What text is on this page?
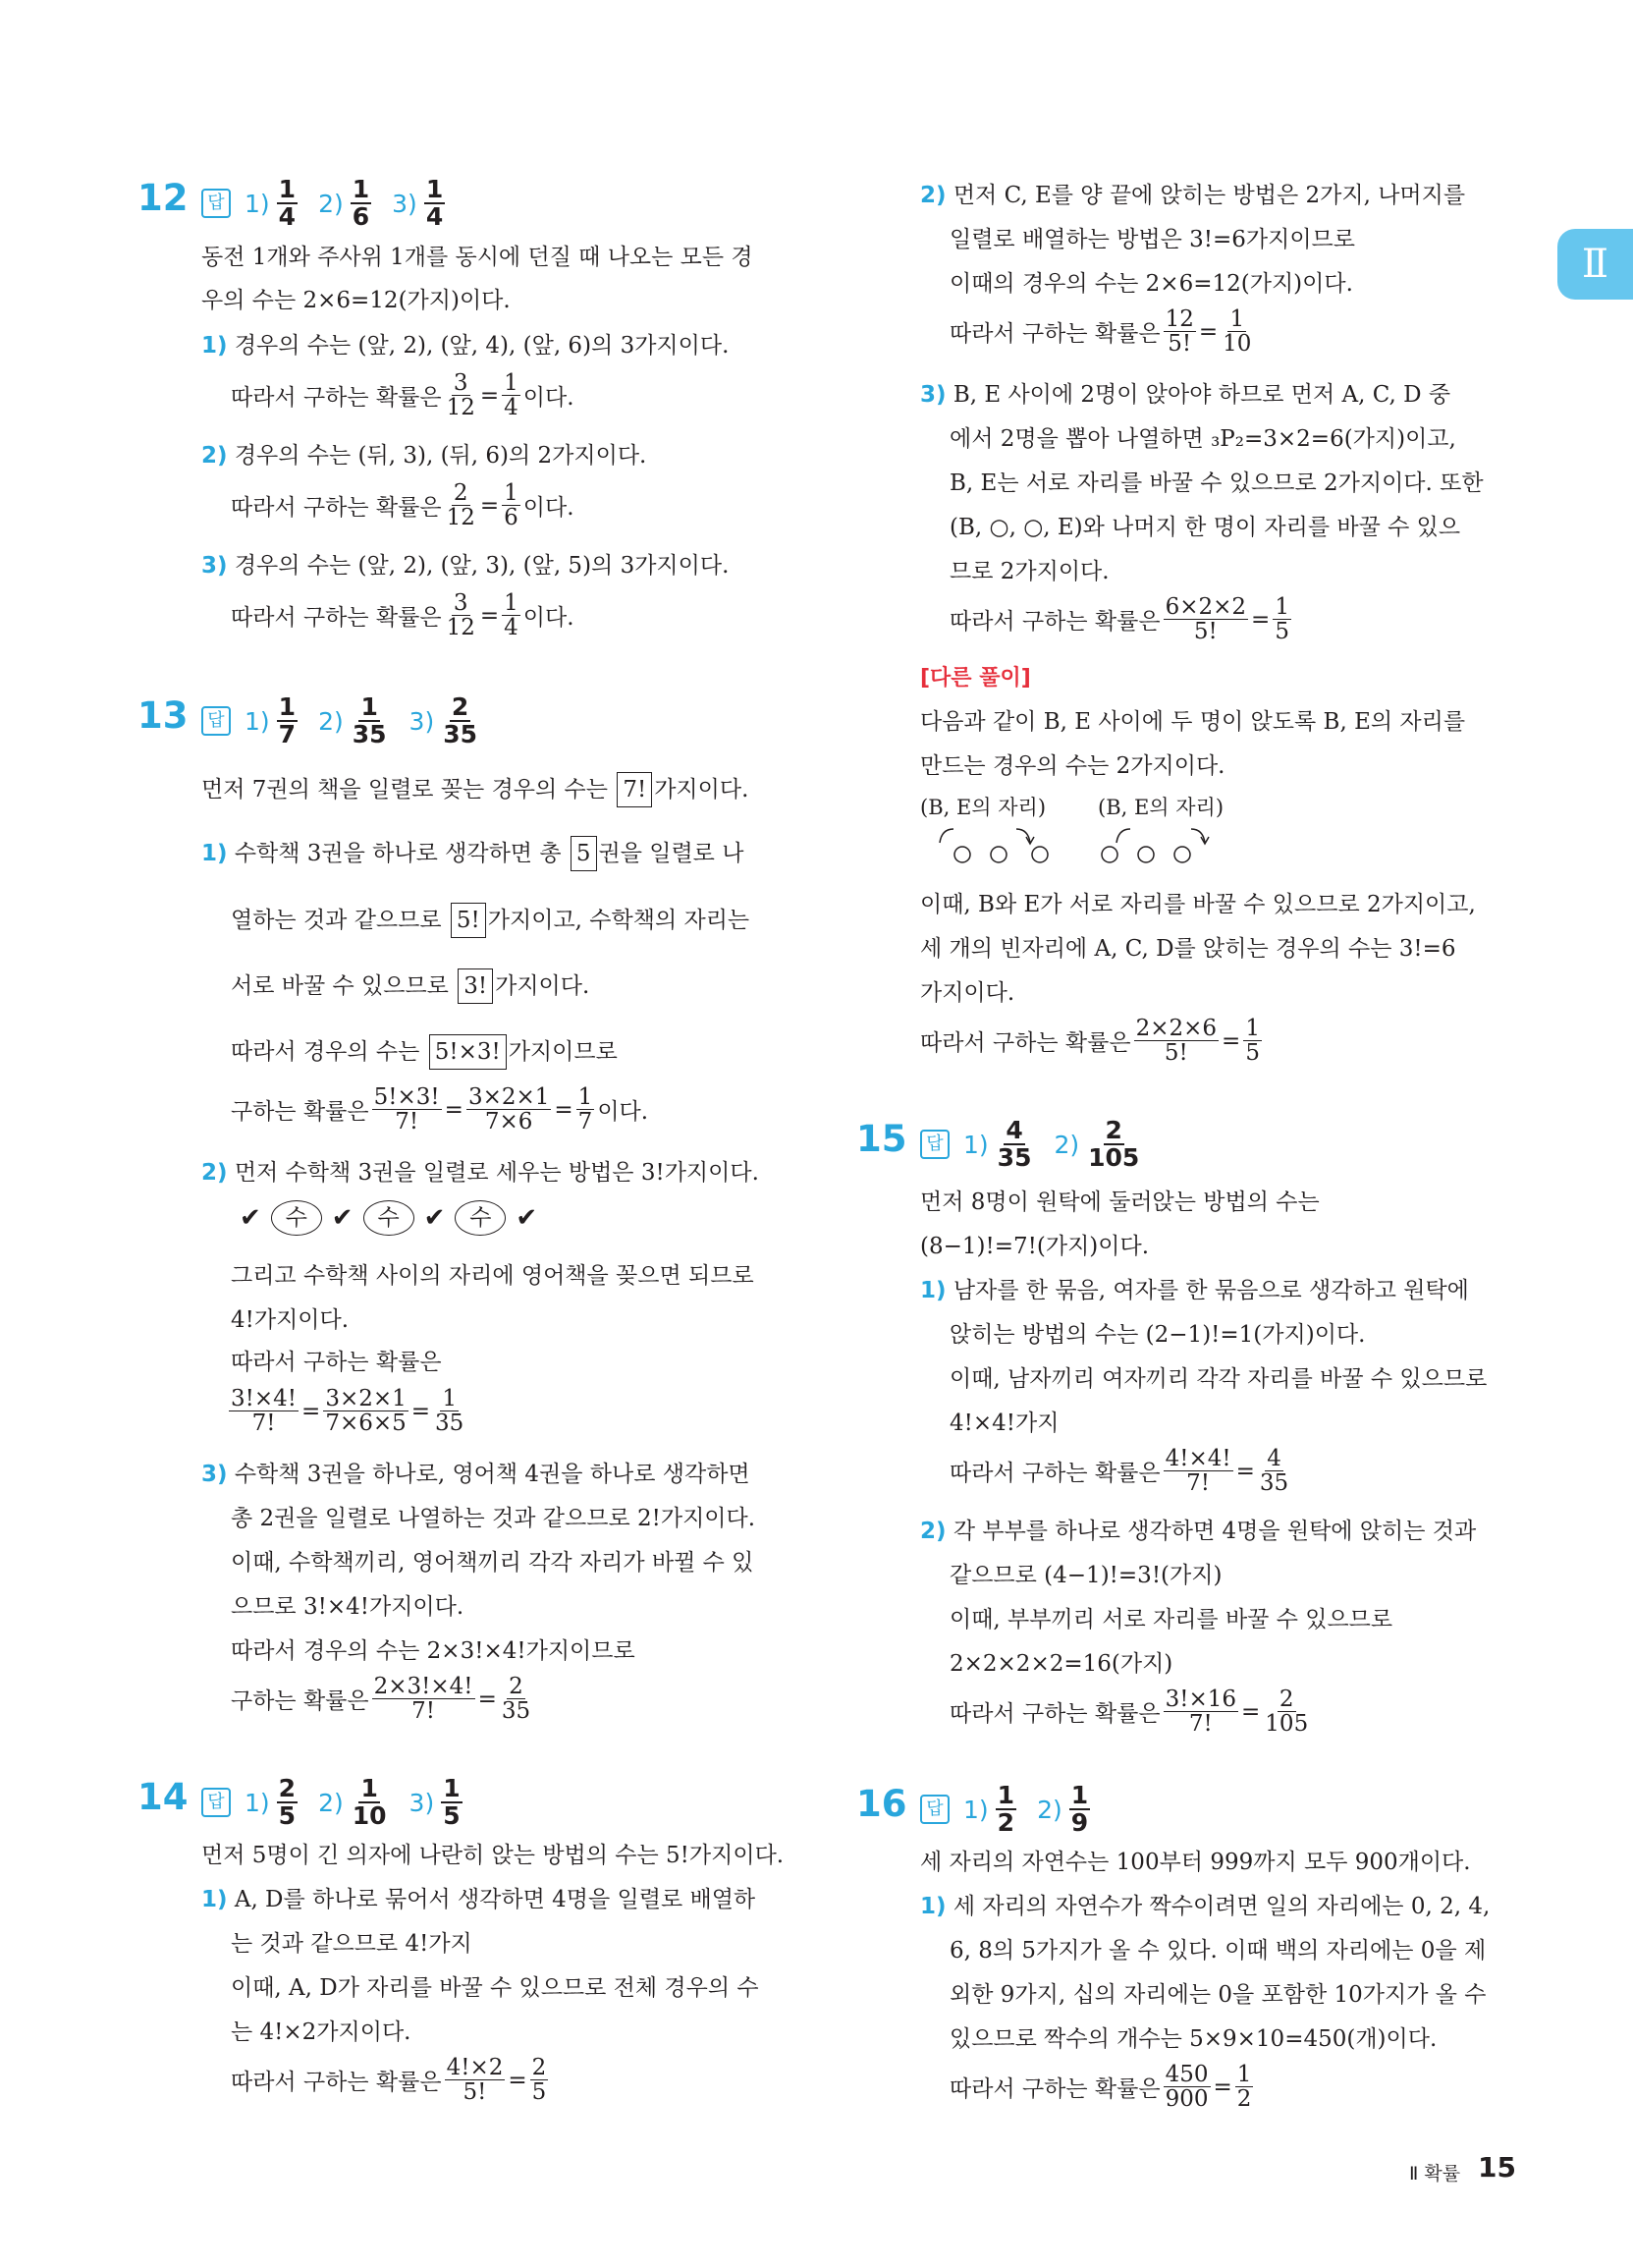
Ⅱ
12	답 $1) \frac{1}{4} 2) \frac{1}{6} 3) \frac{1}{4}$
동전 1개와 주사위 1개를 동시에 던질 때 나오는 모든 경
우의 수는 2×6=12(가지)이다.
1) 경우의 수는 (앞, 2), (앞, 4), (앞, 6)의 3가지이다.
따라서 구하는 확률은 $\frac{3}{12} = \frac{1}{4}$ 이다.
2) 경우의 수는 (뒤, 3), (뒤, 6)의 2가지이다.
따라서 구하는 확률은 $\frac{2}{12} = \frac{1}{6}$ 이다.
3) 경우의 수는 (앞, 2), (앞, 3), (앞, 5)의 3가지이다.
따라서 구하는 확률은 $\frac{3}{12} = \frac{1}{4}$ 이다.
13	답 $1) \frac{1}{7} 2) \frac{1}{35} 3) \frac{2}{35}$
먼저 7권의 책을 일렬로 꽂는 경우의 수는 7! 가지이다.
1) 수학책 3권을 하나로 생각하면 총 5 권을 일렬로 나
열하는 것과 같으므로 5! 가지이고, 수학책의 자리는
서로 바꿀 수 있으므로 3! 가지이다.
따라서 경우의 수는 5!×3! 가지이므로
구하는 확률은 $\frac{5!\times 3!}{7!} = \frac{3\times 2\times 1}{7\times 6} = \frac{1}{7}$ 이다.
2) 먼저 수학책 3권을 일렬로 세우는 방법은 3!가지이다.
✔	수 ✔	수 ✔	수 ✔
그리고 수학책 사이의 자리에 영어책을 꽂으면 되므로
4!가지이다.
따라서 구하는 확률은
$\frac{3!\times 4!}{7!} = \frac{3\times 2\times 1}{7\times 6\times 5} = \frac{1}{35}$
3) 수학책 3권을 하나로, 영어책 4권을 하나로 생각하면
총 2권을 일렬로 나열하는 것과 같으므로 2!가지이다.
이때, 수학책끼리, 영어책끼리 각각 자리가 바뀔 수 있
으므로 3!×4!가지이다.
따라서 경우의 수는 2×3!×4!가지이므로
구하는 확률은 $\frac{2\times 3!\times 4!}{7!} = \frac{2}{35}$
14	답 $1) \frac{2}{5} 2) \frac{1}{10} 3) \frac{1}{5}$
먼저 5명이 긴 의자에 나란히 앉는 방법의 수는 5!가지이다.
1) A, D를 하나로 묶어서 생각하면 4명을 일렬로 배열하
는 것과 같으므로 4!가지
이때, A, D가 자리를 바꿀 수 있으므로 전체 경우의 수
는 4!×2가지이다.
따라서 구하는 확률은 $\frac{4!\times 2}{5!} = \frac{2}{5}$
2) 먼저 C, E를 양 끝에 앉히는 방법은 2가지, 나머지를
일렬로 배열하는 방법은 3!=6가지이므로
이때의 경우의 수는 2×6=12(가지)이다.
따라서 구하는 확률은 $\frac{12}{5!} = \frac{1}{10}$
3) B, E 사이에 2명이 앉아야 하므로 먼저 A, C, D 중
에서 2명을 뽑아 나열하면 ₃P₂=3×2=6(가지)이고,
B, E는 서로 자리를 바꿀 수 있으므로 2가지이다. 또한
(B, ○, ○, E)와 나머지 한 명이 자리를 바꿀 수 있으
므로 2가지이다.
따라서 구하는 확률은 $\frac{6\times 2\times 2}{5!} = \frac{1}{5}$
[다른 풀이]
다음과 같이 B, E 사이에 두 명이 앉도록 B, E의 자리를
만드는 경우의 수는 2가지이다.
(B, E의 자리)	(B, E의 자리)
이때, B와 E가 서로 자리를 바꿀 수 있으므로 2가지이고,
세 개의 빈자리에 A, C, D를 앉히는 경우의 수는 3!=6
가지이다.
따라서 구하는 확률은 $\frac{2\times 2\times 6}{5!} = \frac{1}{5}$
15	답 $1) \frac{4}{35} 2) \frac{2}{105}$
먼저 8명이 원탁에 둘러앉는 방법의 수는
(8−1)!=7!(가지)이다.
1) 남자를 한 묶음, 여자를 한 묶음으로 생각하고 원탁에
앉히는 방법의 수는 (2−1)!=1(가지)이다.
이때, 남자끼리 여자끼리 각각 자리를 바꿀 수 있으므로
4!×4!가지
따라서 구하는 확률은 $\frac{4!\times 4!}{7!} = \frac{4}{35}$
2) 각 부부를 하나로 생각하면 4명을 원탁에 앉히는 것과
같으므로 (4−1)!=3!(가지)
이때, 부부끼리 서로 자리를 바꿀 수 있으므로
2×2×2×2=16(가지)
따라서 구하는 확률은 $\frac{3!\times 16}{7!} = \frac{2}{105}$
16	답 $1) \frac{1}{2} 2) \frac{1}{9}$
세 자리의 자연수는 100부터 999까지 모두 900개이다.
1) 세 자리의 자연수가 짝수이려면 일의 자리에는 0, 2, 4,
6, 8의 5가지가 올 수 있다. 이때 백의 자리에는 0을 제
외한 9가지, 십의 자리에는 0을 포함한 10가지가 올 수
있으므로 짝수의 개수는 5×9×10=450(개)이다.
따라서 구하는 확률은 $\frac{450}{900} = \frac{1}{2}$
Ⅱ 확률 15
